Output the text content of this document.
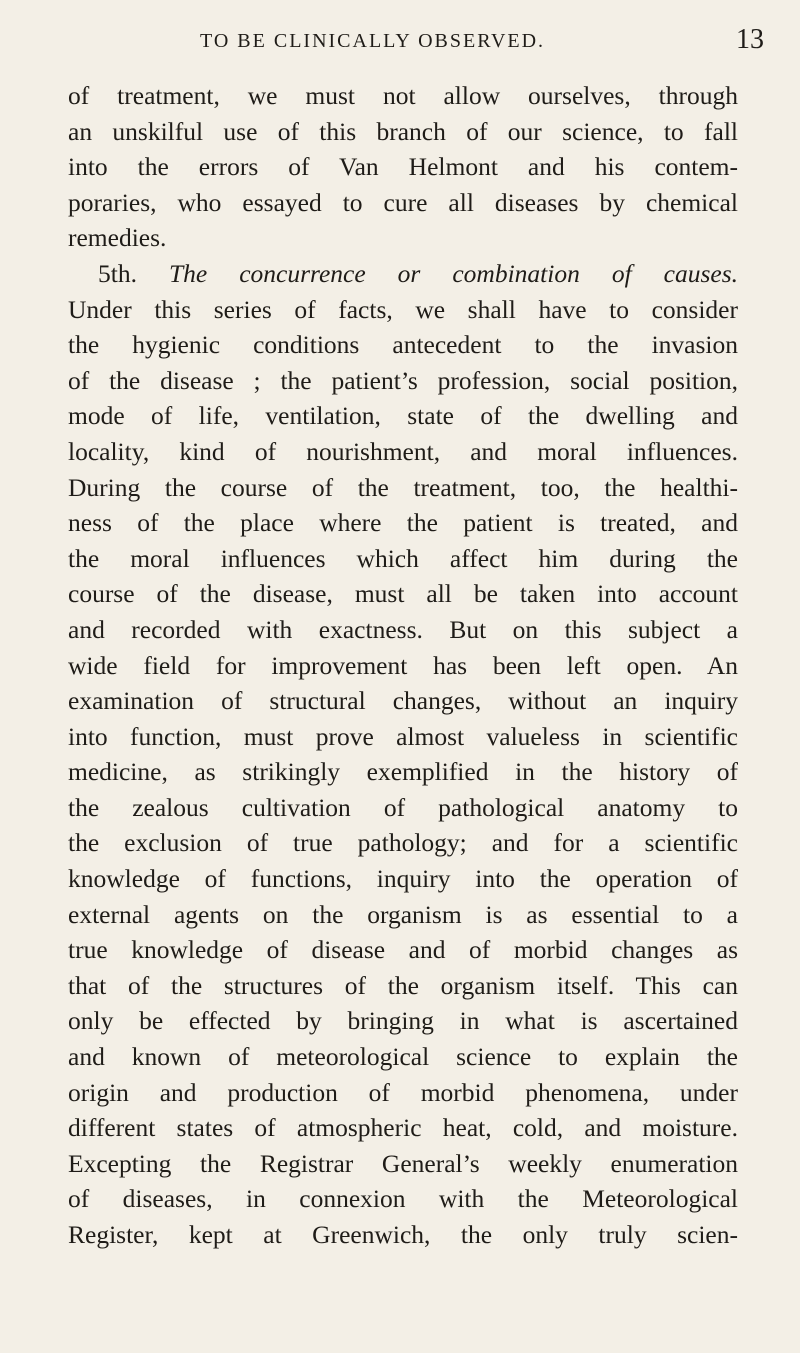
TO BE CLINICALLY OBSERVED.	13
of treatment, we must not allow ourselves, through
an unskilful use of this branch of our science, to fall
into the errors of Van Helmont and his contem-
poraries, who essayed to cure all diseases by chemical
remedies.
5th. The concurrence or combination of causes.
Under this series of facts, we shall have to consider
the hygienic conditions antecedent to the invasion
of the disease ; the patient’s profession, social position,
mode of life, ventilation, state of the dwelling and
locality, kind of nourishment, and moral influences.
During the course of the treatment, too, the healthi-
ness of the place where the patient is treated, and
the moral influences which affect him during the
course of the disease, must all be taken into account
and recorded with exactness. But on this subject a
wide field for improvement has been left open. An
examination of structural changes, without an inquiry
into function, must prove almost valueless in scientific
medicine, as strikingly exemplified in the history of
the zealous cultivation of pathological anatomy to
the exclusion of true pathology; and for a scientific
knowledge of functions, inquiry into the operation of
external agents on the organism is as essential to a
true knowledge of disease and of morbid changes as
that of the structures of the organism itself. This can
only be effected by bringing in what is ascertained
and known of meteorological science to explain the
origin and production of morbid phenomena, under
different states of atmospheric heat, cold, and moisture.
Excepting the Registrar General’s weekly enumeration
of diseases, in connexion with the Meteorological
Register, kept at Greenwich, the only truly scien-
